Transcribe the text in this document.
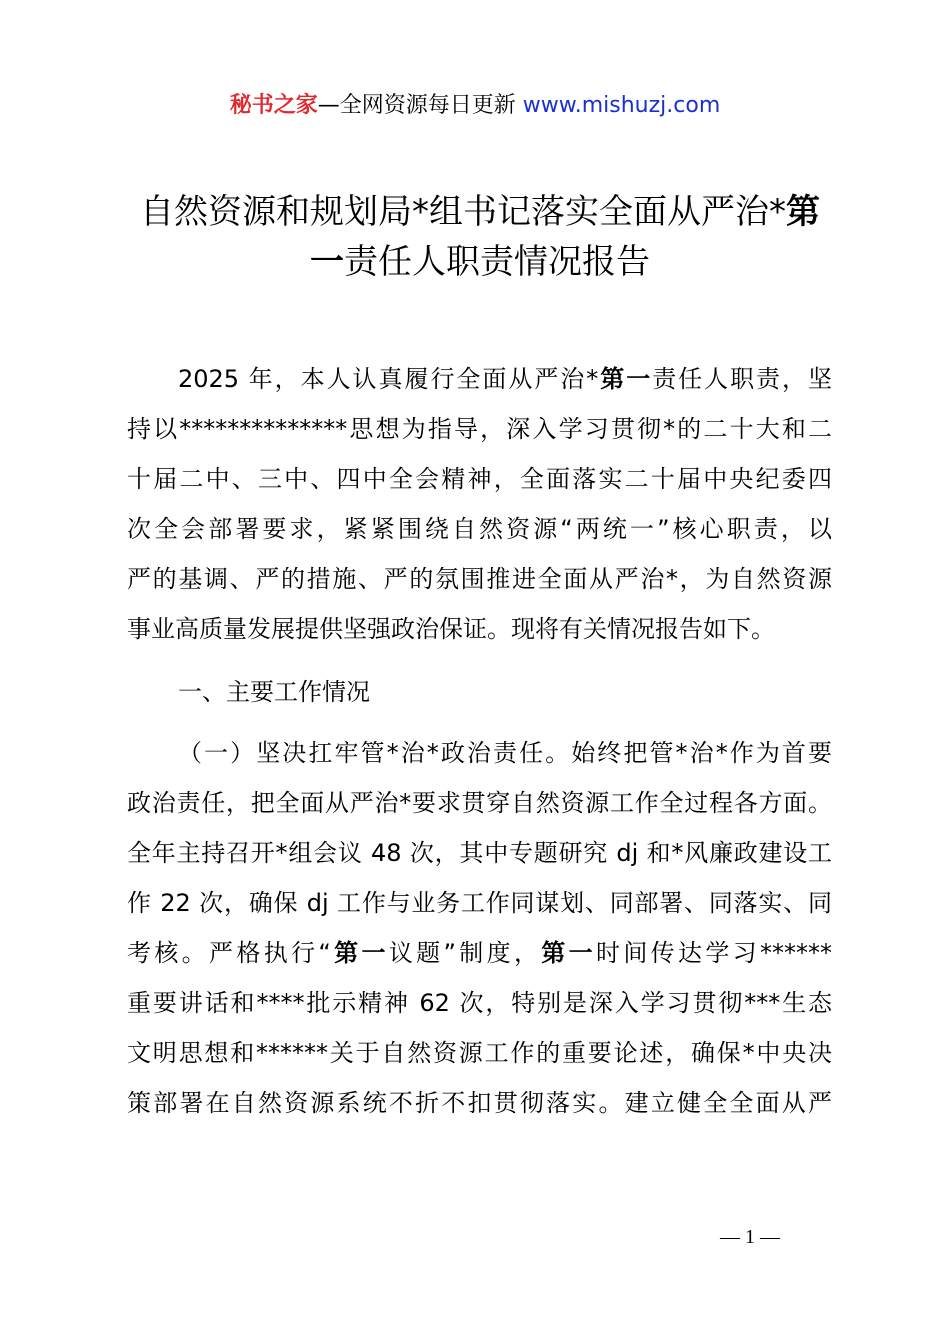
秘书之家—全网资源每日更新 www.mishuzj.com
自然资源和规划局*组书记落实全面从严治*第
一责任人职责情况报告
2025 年，本人认真履行全面从严治*第一责任人职责，坚
持以**************思想为指导，深入学习贯彻*的二十大和二
十届二中、三中、四中全会精神，全面落实二十届中央纪委四
次全会部署要求，紧紧围绕自然资源“两统一”核心职责，以
严的基调、严的措施、严的氛围推进全面从严治*，为自然资源
事业高质量发展提供坚强政治保证。现将有关情况报告如下。
一、主要工作情况
（一）坚决扛牢管*治*政治责任。始终把管*治*作为首要
政治责任，把全面从严治*要求贯穿自然资源工作全过程各方面。
全年主持召开*组会议 48 次，其中专题研究 dj 和*风廉政建设工
作 22 次，确保 dj 工作与业务工作同谋划、同部署、同落实、同
考核。严格执行“第一议题”制度，第一时间传达学习******
重要讲话和****批示精神 62 次，特别是深入学习贯彻***生态
文明思想和******关于自然资源工作的重要论述，确保*中央决
策部署在自然资源系统不折不扣贯彻落实。建立健全全面从严
— 1 —
